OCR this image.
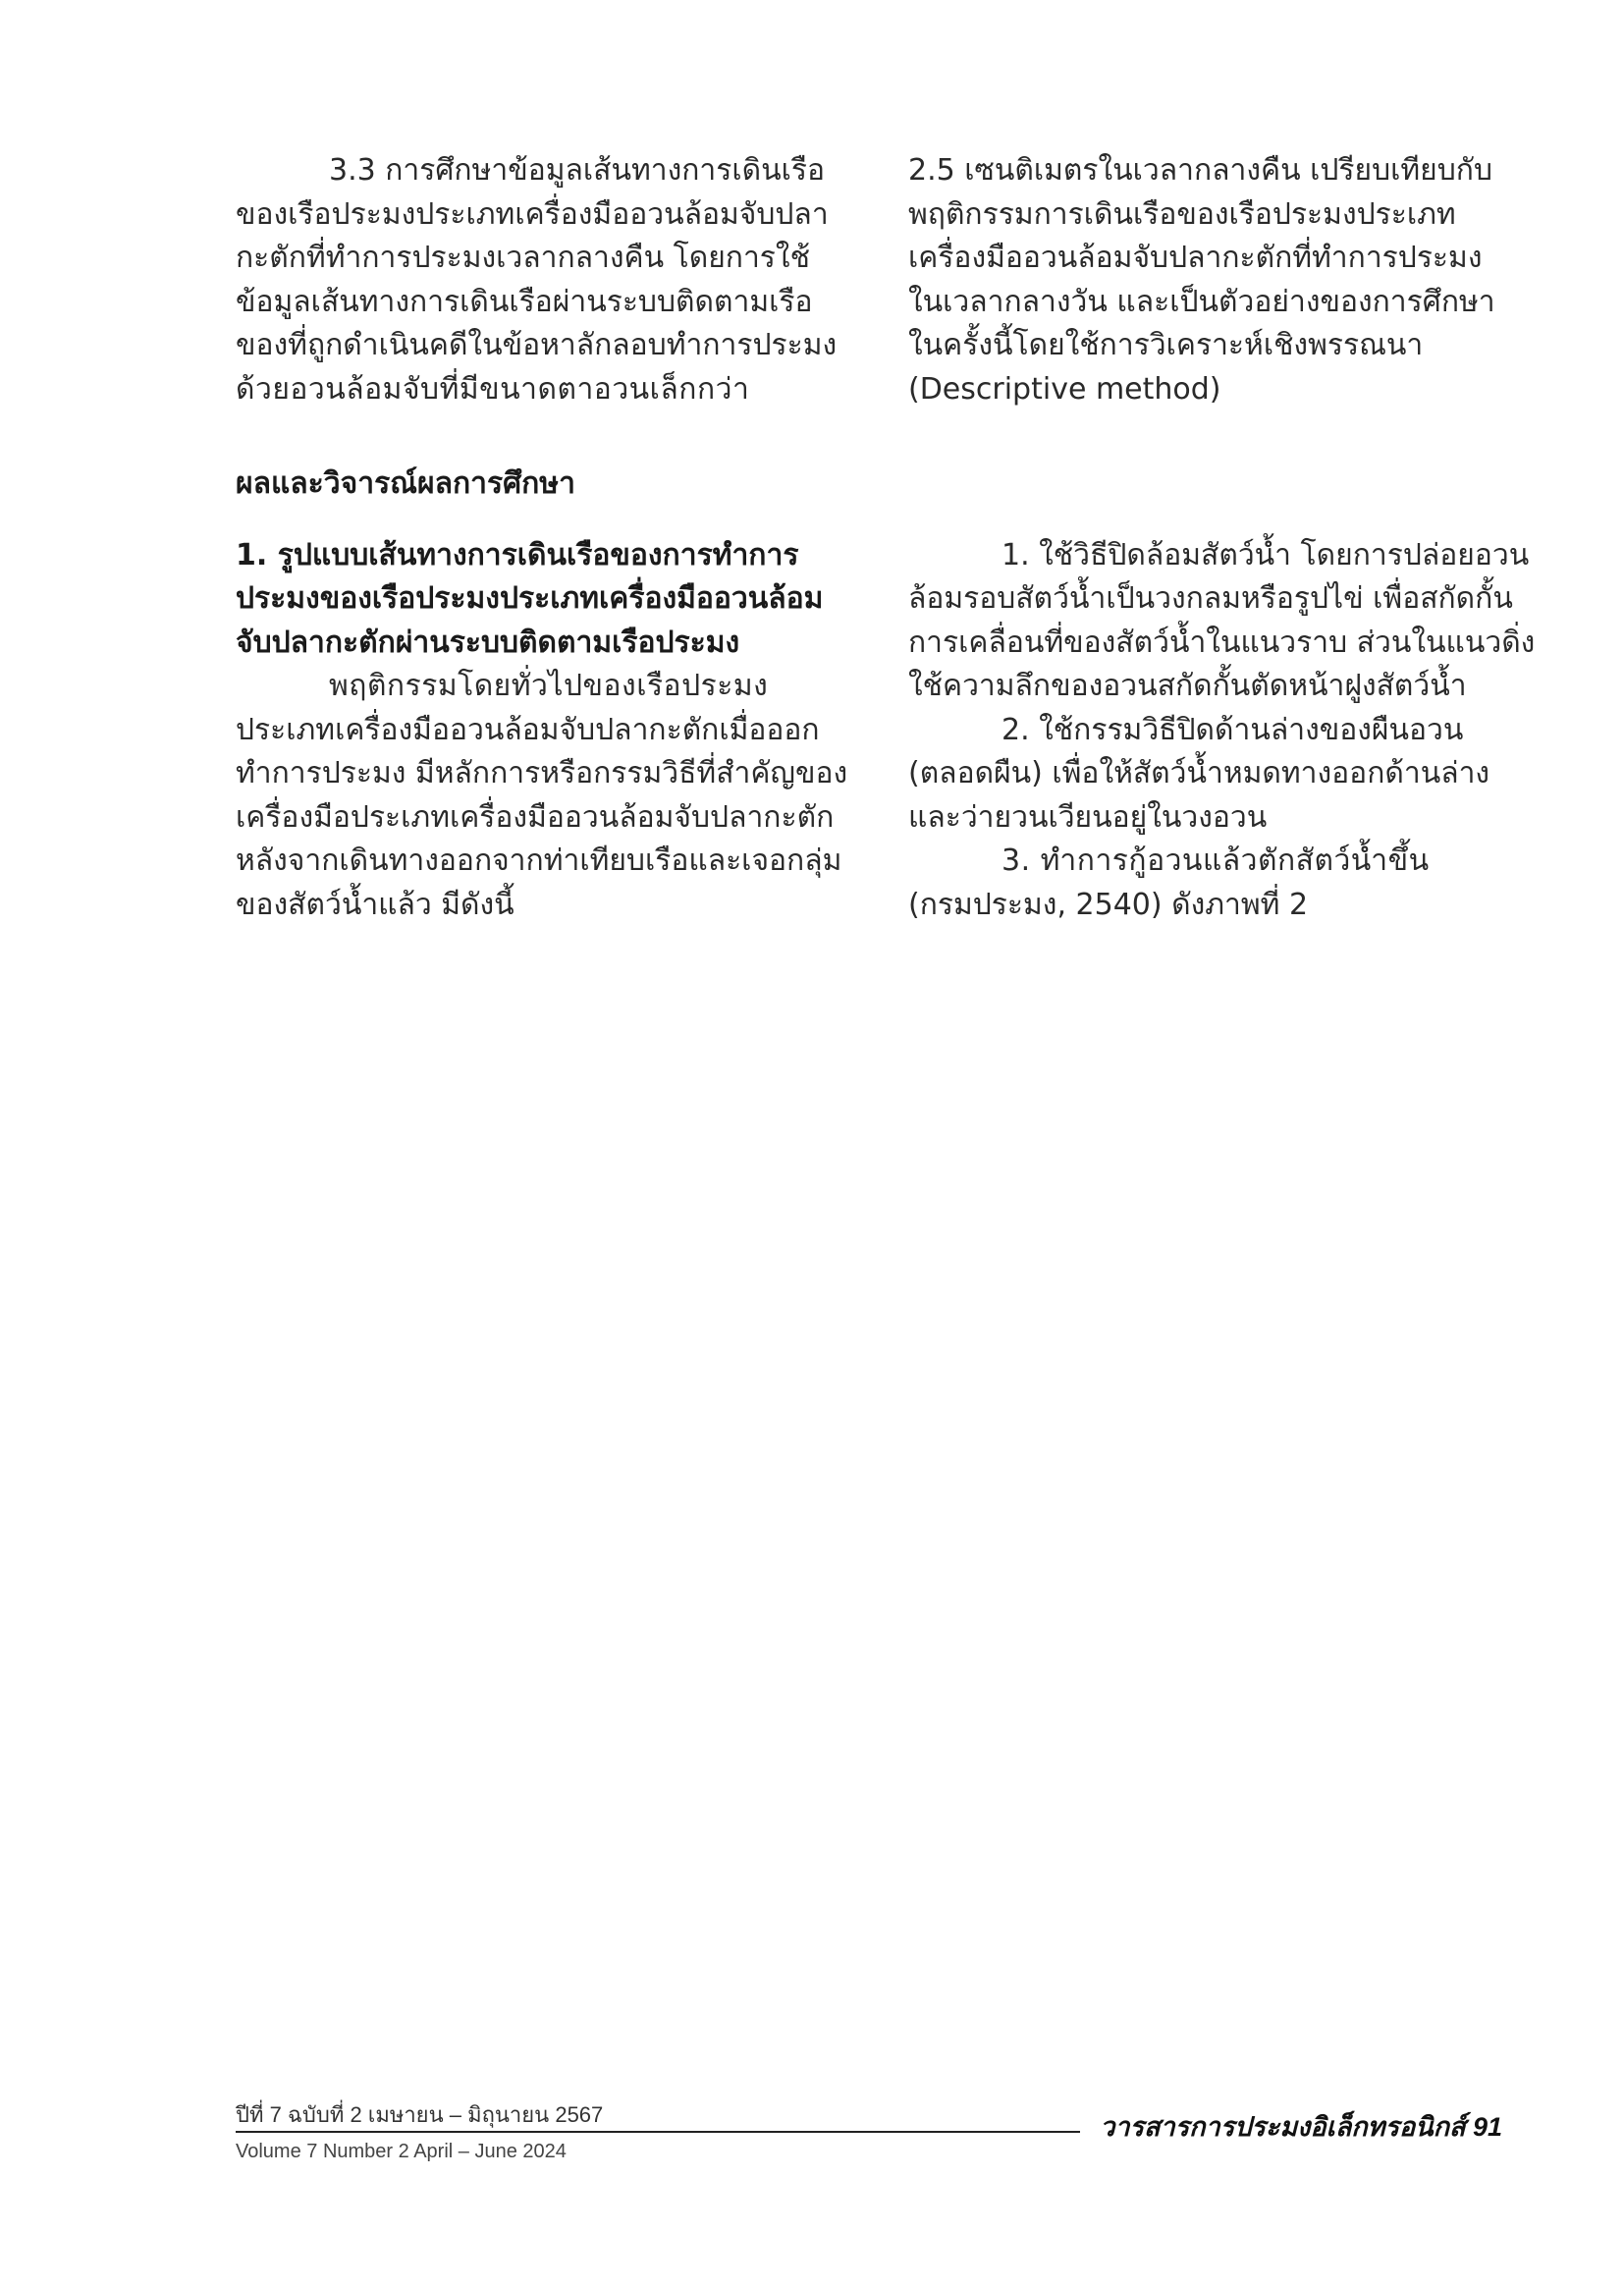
3.3 การศึกษาข้อมูลเส้นทางการเดินเรือ
ของเรือประมงประเภทเครื่องมืออวนล้อมจับปลา
กะตักที่ทำการประมงเวลากลางคืน โดยการใช้
ข้อมูลเส้นทางการเดินเรือผ่านระบบติดตามเรือ
ของที่ถูกดำเนินคดีในข้อหาลักลอบทำการประมง
ด้วยอวนล้อมจับที่มีขนาดตาอวนเล็กกว่า
ผลและวิจารณ์ผลการศึกษา
1. รูปแบบเส้นทางการเดินเรือของการทำการ
ประมงของเรือประมงประเภทเครื่องมืออวนล้อม
จับปลากะตักผ่านระบบติดตามเรือประมง
พฤติกรรมโดยทั่วไปของเรือประมง
ประเภทเครื่องมืออวนล้อมจับปลากะตักเมื่อออก
ทำการประมง มีหลักการหรือกรรมวิธีที่สำคัญของ
เครื่องมือประเภทเครื่องมืออวนล้อมจับปลากะตัก
หลังจากเดินทางออกจากท่าเทียบเรือและเจอกลุ่ม
ของสัตว์น้ำแล้ว มีดังนี้
2.5 เซนติเมตรในเวลากลางคืน เปรียบเทียบกับ
พฤติกรรมการเดินเรือของเรือประมงประเภท
เครื่องมืออวนล้อมจับปลากะตักที่ทำการประมง
ในเวลากลางวัน และเป็นตัวอย่างของการศึกษา
ในครั้งนี้โดยใช้การวิเคราะห์เชิงพรรณนา
(Descriptive method)
1. ใช้วิธีปิดล้อมสัตว์น้ำ โดยการปล่อยอวน
ล้อมรอบสัตว์น้ำเป็นวงกลมหรือรูปไข่ เพื่อสกัดกั้น
การเคลื่อนที่ของสัตว์น้ำในแนวราบ ส่วนในแนวดิ่ง
ใช้ความลึกของอวนสกัดกั้นตัดหน้าฝูงสัตว์น้ำ
2. ใช้กรรมวิธีปิดด้านล่างของผืนอวน
(ตลอดผืน) เพื่อให้สัตว์น้ำหมดทางออกด้านล่าง
และว่ายวนเวียนอยู่ในวงอวน
3. ทำการกู้อวนแล้วตักสัตว์น้ำขึ้น
(กรมประมง, 2540) ดังภาพที่ 2
ปีที่ 7 ฉบับที่ 2 เมษายน – มิถุนายน 2567
Volume 7 Number 2 April – June 2024
วารสารการประมงอิเล็กทรอนิกส์ 91
